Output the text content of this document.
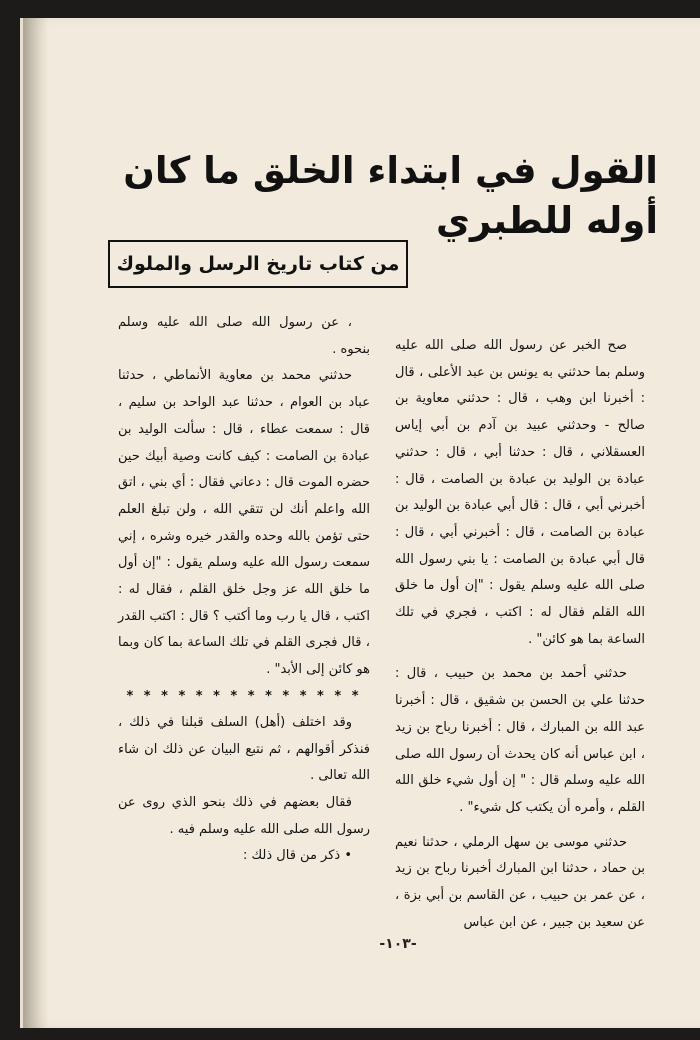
القول في ابتداء الخلق ما كان أوله للطبري
من كتاب تاريخ الرسل والملوك

صح الخبر عن رسول الله صلى الله عليه وسلم بما حدثني به يونس بن عبد الأعلى ، قال : أخبرنا ابن وهب ، قال : حدثني معاوية بن صالح - وحدثني عبيد بن آدم بن أبي إياس العسقلاني ، قال : حدثنا أبي ، قال : حدثني عبادة بن الوليد بن عبادة بن الصامت ، قال : أخبرني أبي ، قال : قال أبي عبادة بن الوليد بن عبادة بن الصامت ، قال : أخبرني أبي ، قال : قال أبي عبادة بن الصامت : يا بني رسول الله صلى الله عليه وسلم يقول : "إن أول ما خلق الله القلم فقال له : اكتب ، فجري في تلك الساعة بما هو كائن" .

حدثني أحمد بن محمد بن حبيب ، قال : حدثنا علي بن الحسن بن شقيق ، قال : أخبرنا عبد الله بن المبارك ، قال : أخبرنا رباح بن زيد ، ابن عباس أنه كان يحدث أن رسول الله صلى الله عليه وسلم قال : " إن أول شيء خلق الله القلم ، وأمره أن يكتب كل شيء" .

حدثني موسى بن سهل الرملي ، حدثنا نعيم بن حماد ، حدثنا ابن المبارك أخبرنا رباح بن زيد ، عن عمر بن حبيب ، عن القاسم بن أبي بزة ، عن سعيد بن جبير ، عن ابن عباس

، عن رسول الله صلى الله عليه وسلم بنحوه .

حدثني محمد بن معاوية الأنماطي ، حدثنا عباد بن العوام ، حدثنا عبد الواحد بن سليم ، قال : سمعت عطاء ، قال : سألت الوليد بن عبادة بن الصامت : كيف كانت وصية أبيك حين حضره الموت قال : دعاني فقال : أي بني ، اتق الله واعلم أنك لن تتقي الله ، ولن تبلغ العلم حتى تؤمن بالله وحده والقدر خيره وشره ، إني سمعت رسول الله عليه وسلم يقول : "إن أول ما خلق الله عز وجل خلق القلم ، فقال له : اكتب ، قال يا رب وما أكتب ؟ قال : اكتب القدر ، قال فجرى القلم في تلك الساعة بما كان وبما هو كائن إلى الأبد" .

* * * * * * * * * * * * * *

وقد اختلف (أهل) السلف قبلنا في ذلك ، فنذكر أقوالهم ، ثم نتبع البيان عن ذلك ان شاء الله تعالى .

فقال بعضهم في ذلك بنحو الذي روى عن رسول الله صلى الله عليه وسلم فيه .

• ذكر من قال ذلك :

-١٠٣-
